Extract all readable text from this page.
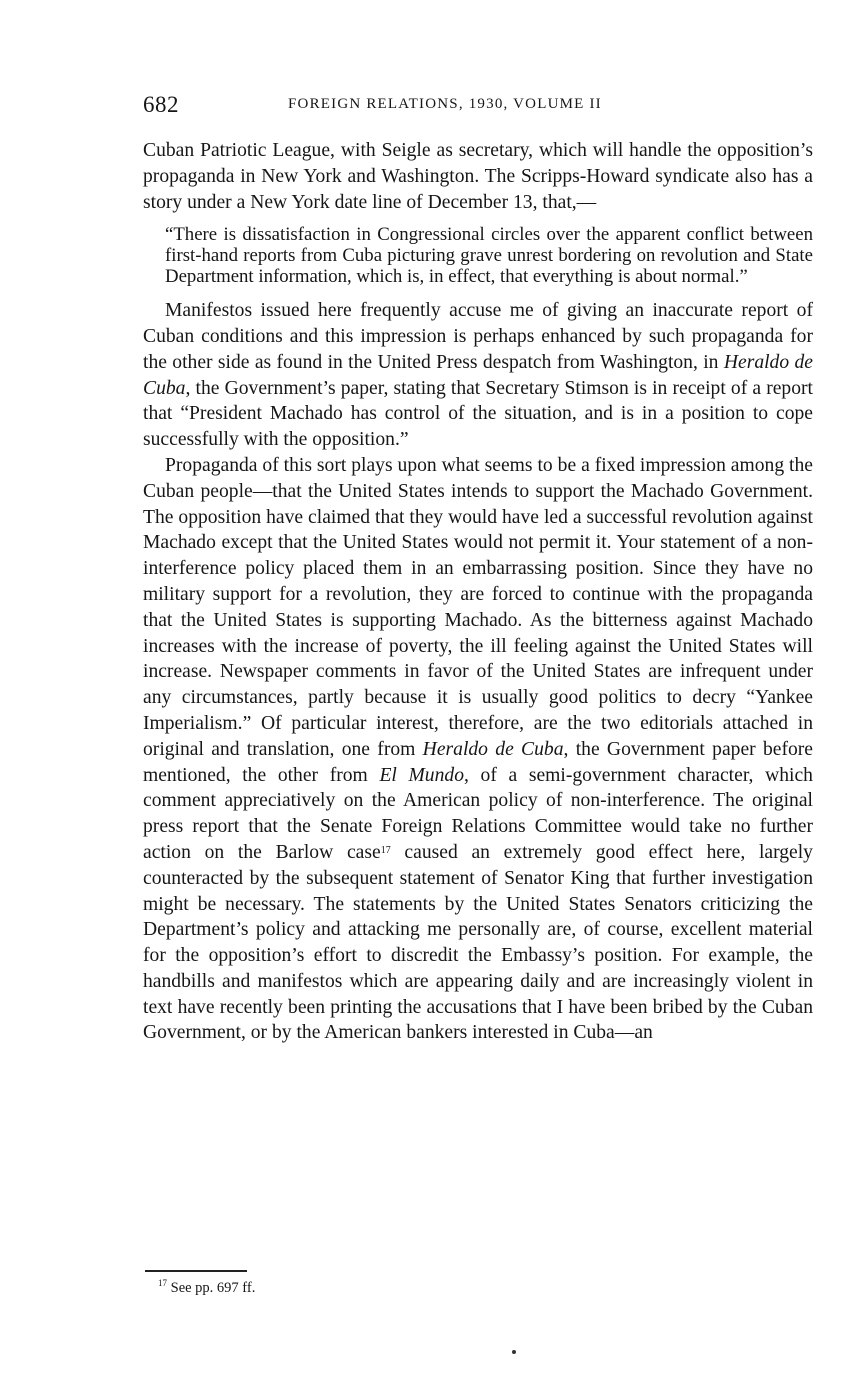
682	FOREIGN RELATIONS, 1930, VOLUME II

Cuban Patriotic League, with Seigle as secretary, which will handle the opposition’s propaganda in New York and Washington. The Scripps-Howard syndicate also has a story under a New York date line of December 13, that,—

“There is dissatisfaction in Congressional circles over the apparent conflict between first-hand reports from Cuba picturing grave unrest bordering on revolution and State Department information, which is, in effect, that everything is about normal.”

Manifestos issued here frequently accuse me of giving an inaccurate report of Cuban conditions and this impression is perhaps enhanced by such propaganda for the other side as found in the United Press despatch from Washington, in Heraldo de Cuba, the Government’s paper, stating that Secretary Stimson is in receipt of a report that “President Machado has control of the situation, and is in a position to cope successfully with the opposition.”

Propaganda of this sort plays upon what seems to be a fixed impression among the Cuban people—that the United States intends to support the Machado Government. The opposition have claimed that they would have led a successful revolution against Machado except that the United States would not permit it. Your statement of a non-interference policy placed them in an embarrassing position. Since they have no military support for a revolution, they are forced to continue with the propaganda that the United States is supporting Machado. As the bitterness against Machado increases with the increase of poverty, the ill feeling against the United States will increase. Newspaper comments in favor of the United States are infrequent under any circumstances, partly because it is usually good politics to decry “Yankee Imperialism.” Of particular interest, therefore, are the two editorials attached in original and translation, one from Heraldo de Cuba, the Government paper before mentioned, the other from El Mundo, of a semi-government character, which comment appreciatively on the American policy of non-interference. The original press report that the Senate Foreign Relations Committee would take no further action on the Barlow case$^{17}$ caused an extremely good effect here, largely counteracted by the subsequent statement of Senator King that further investigation might be necessary. The statements by the United States Senators criticizing the Department’s policy and attacking me personally are, of course, excellent material for the opposition’s effort to discredit the Embassy’s position. For example, the handbills and manifestos which are appearing daily and are increasingly violent in text have recently been printing the accusations that I have been bribed by the Cuban Government, or by the American bankers interested in Cuba—an

$^{17}$ See pp. 697 ff.
